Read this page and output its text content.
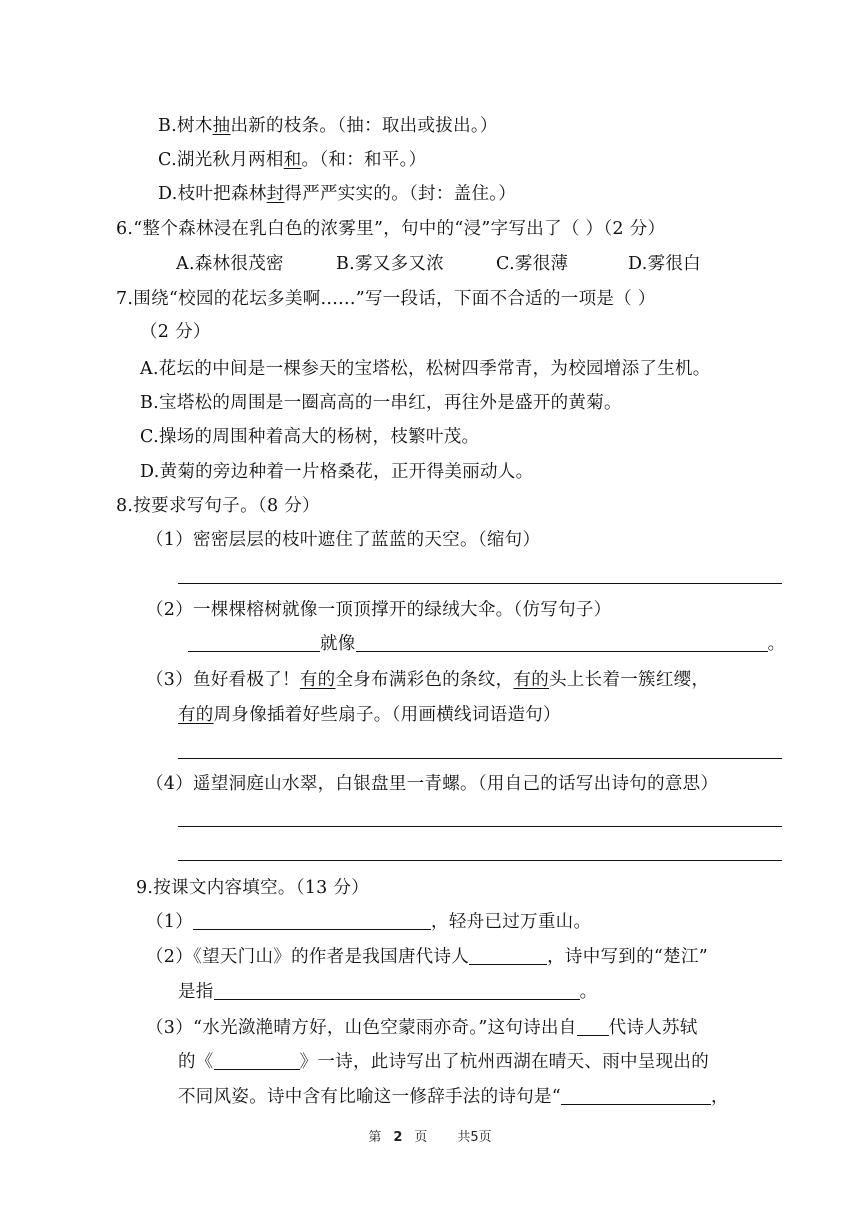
B.树木抽出新的枝条。（抽：取出或拔出。）
C.湖光秋月两相和。（和：和平。）
D.枝叶把森林封得严严实实的。（封：盖住。）
6.“整个森林浸在乳白色的浓雾里”，句中的“浸”字写出了（ ）（2 分）
A.森林很茂密	B.雾又多又浓	C.雾很薄	D.雾很白
7.围绕“校园的花坛多美啊......”写一段话，下面不合适的一项是（ ）
（2 分）
A.花坛的中间是一棵参天的宝塔松，松树四季常青，为校园增添了生机。
B.宝塔松的周围是一圈高高的一串红，再往外是盛开的黄菊。
C.操场的周围种着高大的杨树，枝繁叶茂。
D.黄菊的旁边种着一片格桑花，正开得美丽动人。
8.按要求写句子。（8 分）
（1）密密层层的枝叶遮住了蓝蓝的天空。（缩句）
（2）一棵棵榕树就像一顶顶撑开的绿绒大伞。（仿写句子）
就像	。
（3）鱼好看极了！有的全身布满彩色的条纹，有的头上长着一簇红缨，
有的周身像插着好些扇子。（用画横线词语造句）
（4）遥望洞庭山水翠，白银盘里一青螺。（用自己的话写出诗句的意思）
9.按课文内容填空。（13 分）
（1）	，轻舟已过万重山。
（2）《望天门山》的作者是我国唐代诗人	，诗中写到的“楚江”
是指	。
（3）“水光潋滟晴方好，山色空蒙雨亦奇。”这句诗出自 代诗人苏轼
的《	》一诗，此诗写出了杭州西湖在晴天、雨中呈现出的
不同风姿。诗中含有比喻这一修辞手法的诗句是“	，
第 2 页 共5页
